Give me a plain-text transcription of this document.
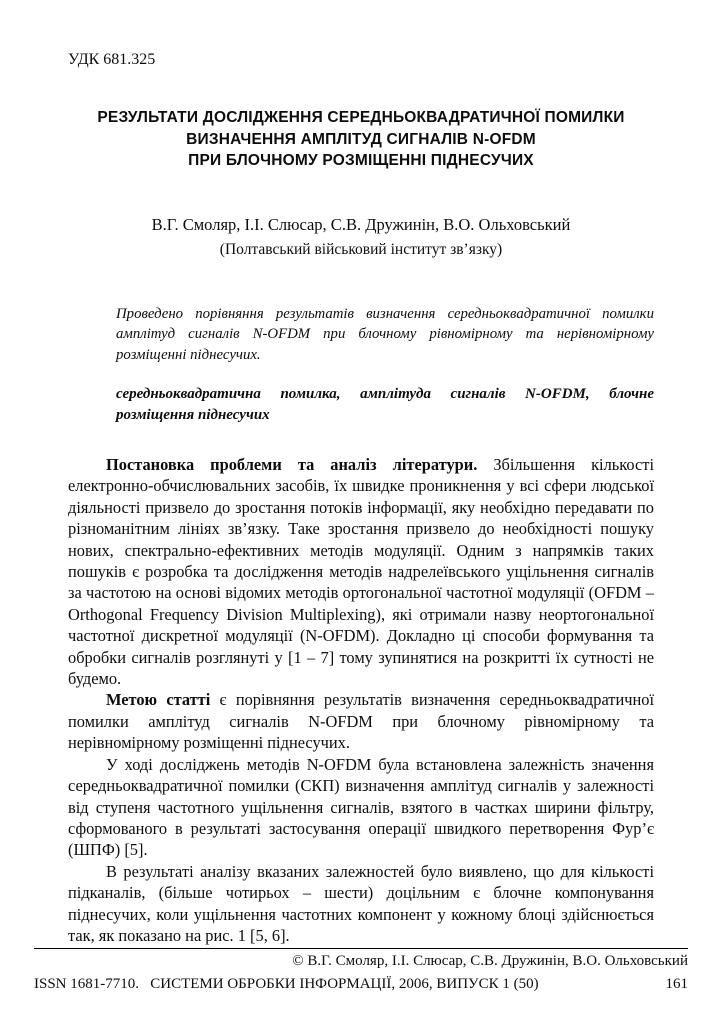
УДК 681.325
РЕЗУЛЬТАТИ ДОСЛІДЖЕННЯ СЕРЕДНЬОКВАДРАТИЧНОЇ ПОМИЛКИ
ВИЗНАЧЕННЯ АМПЛІТУД СИГНАЛІВ N-OFDM
ПРИ БЛОЧНОМУ РОЗМІЩЕННІ ПІДНЕСУЧИХ
В.Г. Смоляр, І.І. Слюсар, С.В. Дружинін, В.О. Ольховський
(Полтавський військовий інститут зв’язку)
Проведено порівняння результатів визначення середньоквадратичної помилки амплітуд сигналів N-OFDM при блочному рівномірному та нерівномірному розміщенні піднесучих.
середньоквадратична помилка, амплітуда сигналів N-OFDM, блочне розміщення піднесучих

Постановка проблеми та аналіз літератури. Збільшення кількості електронно-обчислювальних засобів, їх швидке проникнення у всі сфери людської діяльності призвело до зростання потоків інформації, яку необхідно передавати по різноманітним лініях зв’язку. Таке зростання призвело до необхідності пошуку нових, спектрально-ефективних методів модуляції. Одним з напрямків таких пошуків є розробка та дослідження методів надрелеївського ущільнення сигналів за частотою на основі відомих методів ортогональної частотної модуляції (OFDM – Orthogonal Frequency Division Multiplexing), які отримали назву неортогональної частотної дискретної модуляції (N-OFDM). Докладно ці способи формування та обробки сигналів розглянуті у [1 – 7] тому зупинятися на розкритті їх сутності не будемо.

Метою статті є порівняння результатів визначення середньоквадратичної помилки амплітуд сигналів N-OFDM при блочному рівномірному та нерівномірному розміщенні піднесучих.

У ході досліджень методів N-OFDM була встановлена залежність значення середньоквадратичної помилки (СКП) визначення амплітуд сигналів у залежності від ступеня частотного ущільнення сигналів, взятого в частках ширини фільтру, сформованого в результаті застосування операції швидкого перетворення Фур’є (ШПФ) [5].

В результаті аналізу вказаних залежностей було виявлено, що для кількості підканалів, (більше чотирьох – шести) доцільним є блочне компонування піднесучих, коли ущільнення частотних компонент у кожному блоці здійснюється так, як показано на рис. 1 [5, 6].

© В.Г. Смоляр, І.І. Слюсар, С.В. Дружинін, В.О. Ольховський
ISSN 1681-7710.   СИСТЕМИ ОБРОБКИ ІНФОРМАЦІЇ, 2006, ВИПУСК 1 (50)	161
